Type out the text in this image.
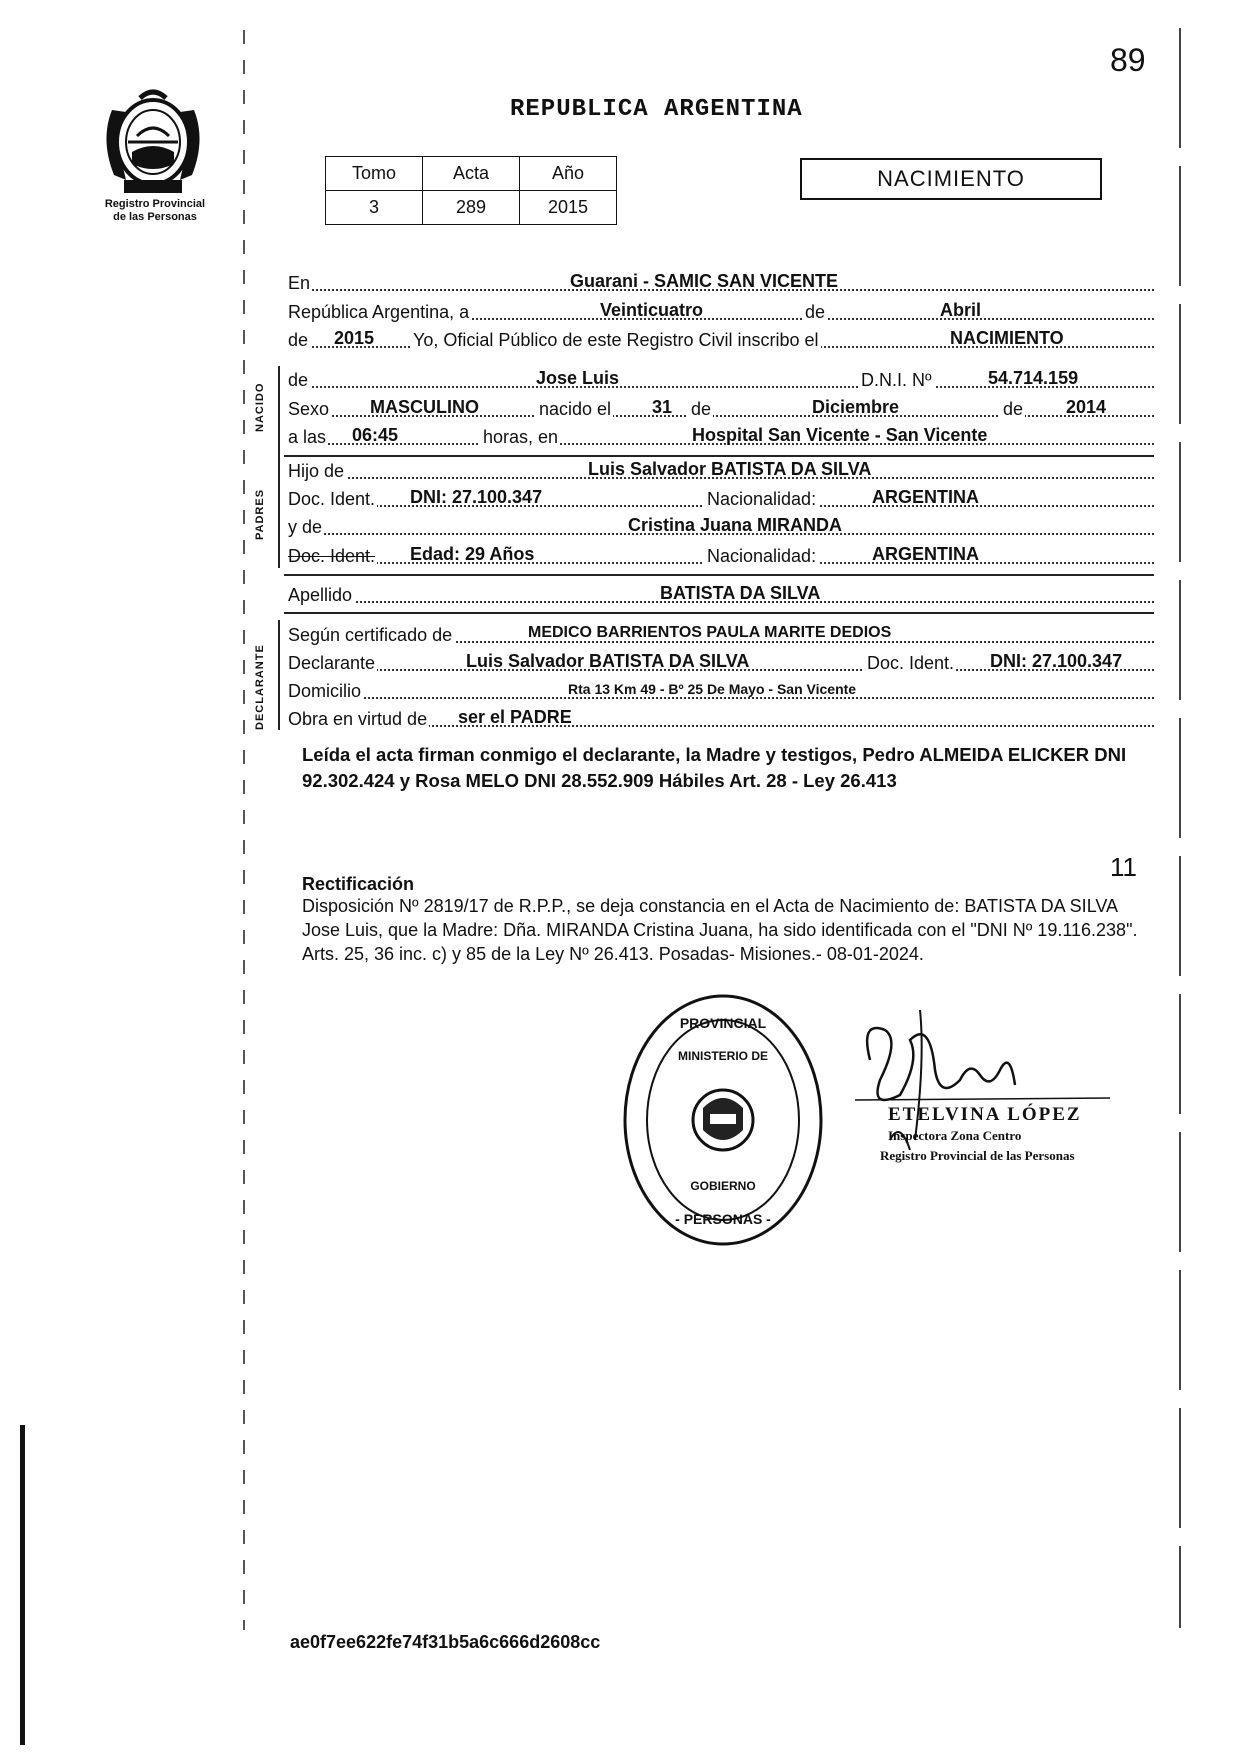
89
Registro Provincial
de las Personas
REPUBLICA ARGENTINA
Tomo	Acta	Año
3	289	2015
NACIMIENTO
En	Guarani - SAMIC SAN VICENTE
República Argentina, a	Veinticuatro	de	Abril
de 2015 Yo, Oficial Público de este Registro Civil inscribo el	NACIMIENTO
NACIDO
de	Jose Luis	D.N.I. Nº	54.714.159
Sexo MASCULINO	nacido el 31 de	Diciembre	de 2014
a las 06:45	horas, en	Hospital San Vicente - San Vicente
PADRES
Hijo de	Luis Salvador BATISTA DA SILVA
Doc. Ident. DNI: 27.100.347	Nacionalidad:	ARGENTINA
y de	Cristina Juana MIRANDA
Doc. Ident. Edad: 29 Años	Nacionalidad:	ARGENTINA
Apellido	BATISTA DA SILVA
DECLARANTE
Según certificado de	MEDICO BARRIENTOS PAULA MARITE DEDIOS
Declarante	Luis Salvador BATISTA DA SILVA	Doc. Ident. DNI: 27.100.347
Domicilio	Rta 13 Km 49 - Bº 25 De Mayo - San Vicente
Obra en virtud de ser el PADRE
Leída el acta firman conmigo el declarante, la Madre y testigos, Pedro ALMEIDA ELICKER DNI 92.302.424 y Rosa MELO DNI 28.552.909 Hábiles Art. 28 - Ley 26.413
11
Rectificación
Disposición Nº 2819/17 de R.P.P., se deja constancia en el Acta de Nacimiento de: BATISTA DA SILVA Jose Luis, que la Madre: Dña. MIRANDA Cristina Juana, ha sido identificada con el "DNI Nº 19.116.238". Arts. 25, 36 inc. c) y 85 de la Ley Nº 26.413. Posadas- Misiones.- 08-01-2024.
PROVINCIAL
- PERSONAS -
MINISTERIO DE
GOBIERNO
ETELVINA LÓPEZ
Inspectora Zona Centro
Registro Provincial de las Personas
ae0f7ee622fe74f31b5a6c666d2608cc
